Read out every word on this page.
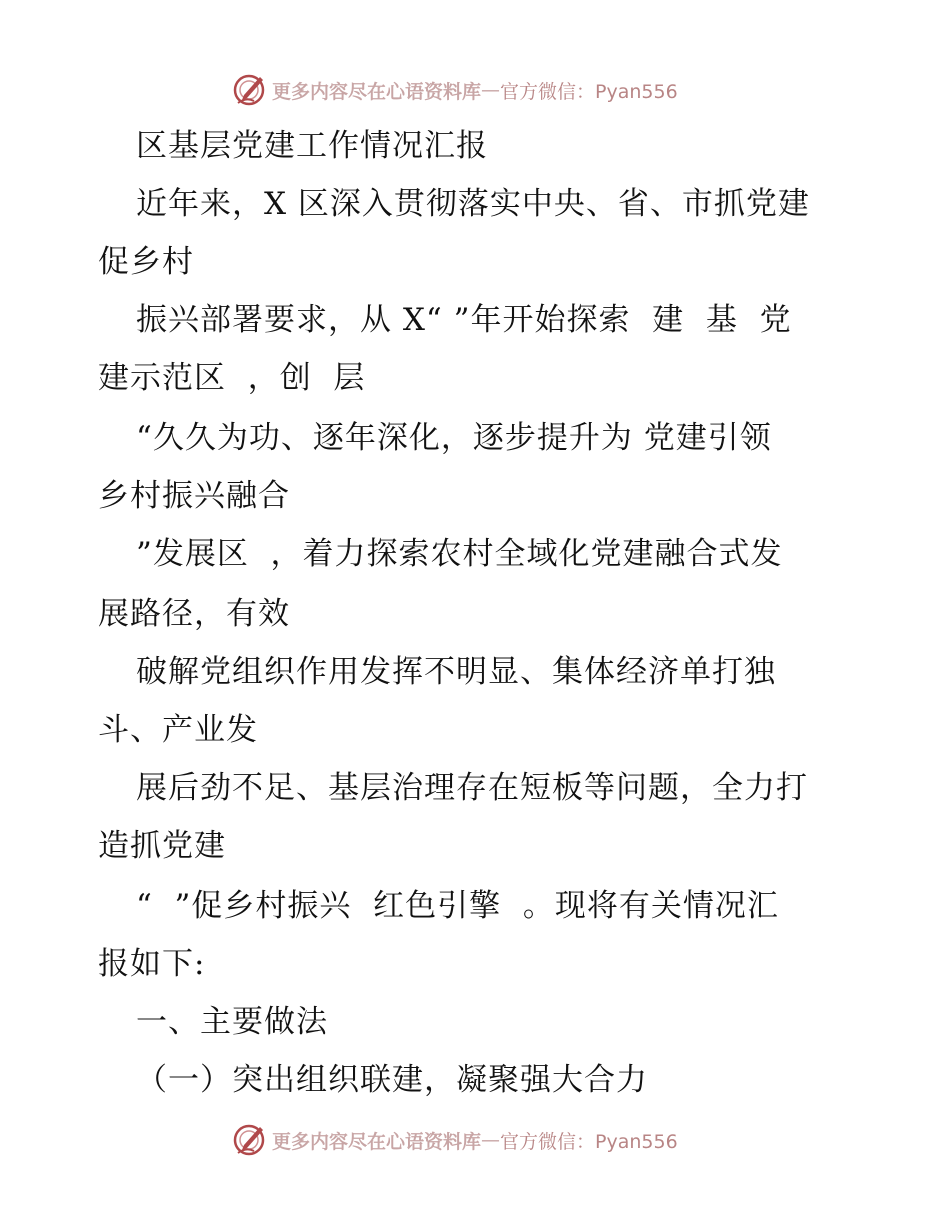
更多内容尽在心语资料库 — 官方微信：Pyan556
区基层党建工作情况汇报
近年来，X 区深入贯彻落实中央、省、市抓党建
促乡村
振兴部署要求，从 X“ ”年开始探索  建  基  党
建示范区  ，创  层
“久久为功、逐年深化，逐步提升为 党建引领
乡村振兴融合
”发展区  ，着力探索农村全域化党建融合式发
展路径，有效
破解党组织作用发挥不明显、集体经济单打独
斗、产业发
展后劲不足、基层治理存在短板等问题，全力打
造抓党建
“  ”促乡村振兴  红色引擎  。现将有关情况汇
报如下:
一、主要做法
（一）突出组织联建，凝聚强大合力
更多内容尽在心语资料库 — 官方微信：Pyan556
